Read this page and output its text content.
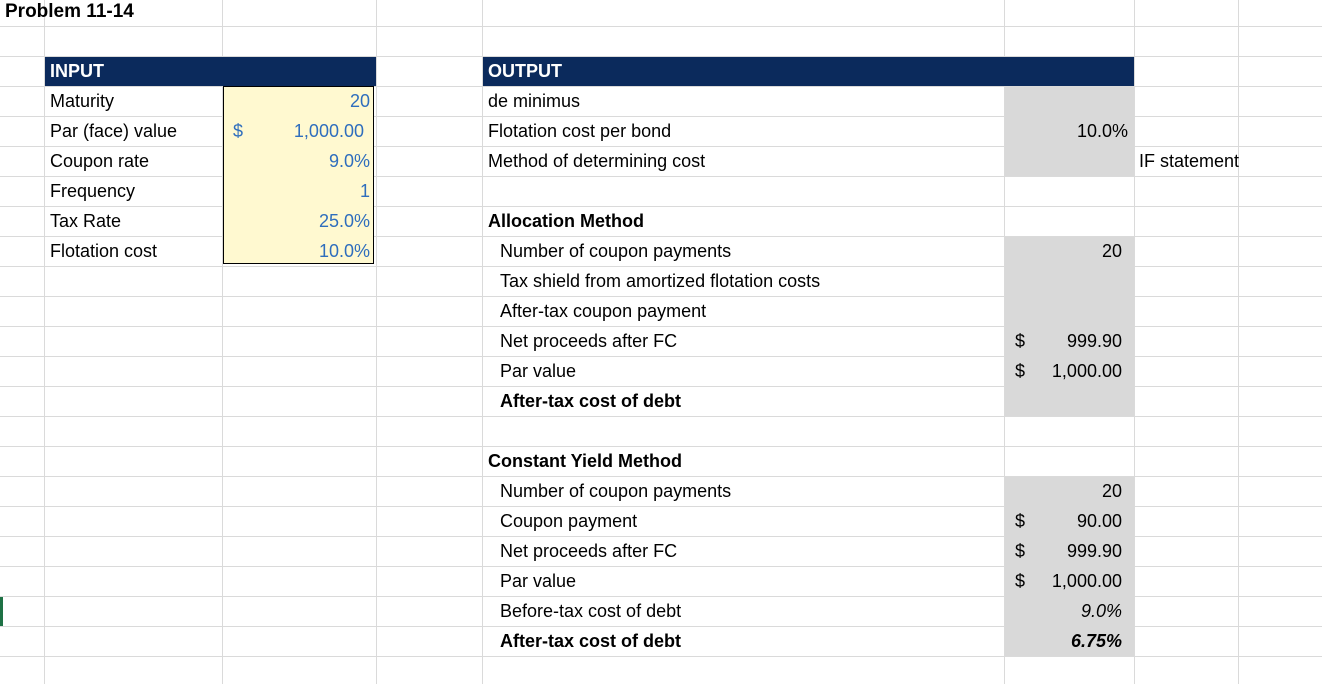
Problem 11-14
INPUT
Maturity	20
Par (face) value	$	1,000.00
Coupon rate	9.0%
Frequency	1
Tax Rate	25.0%
Flotation cost	10.0%
OUTPUT
de minimus
Flotation cost per bond	10.0%
Method of determining cost	IF statement
Allocation Method
Number of coupon payments	20
Tax shield from amortized flotation costs
After-tax coupon payment
Net proceeds after FC	$	999.90
Par value	$	1,000.00
After-tax cost of debt
Constant Yield Method
Number of coupon payments	20
Coupon payment	$	90.00
Net proceeds after FC	$	999.90
Par value	$	1,000.00
Before-tax cost of debt	9.0%
After-tax cost of debt	6.75%
